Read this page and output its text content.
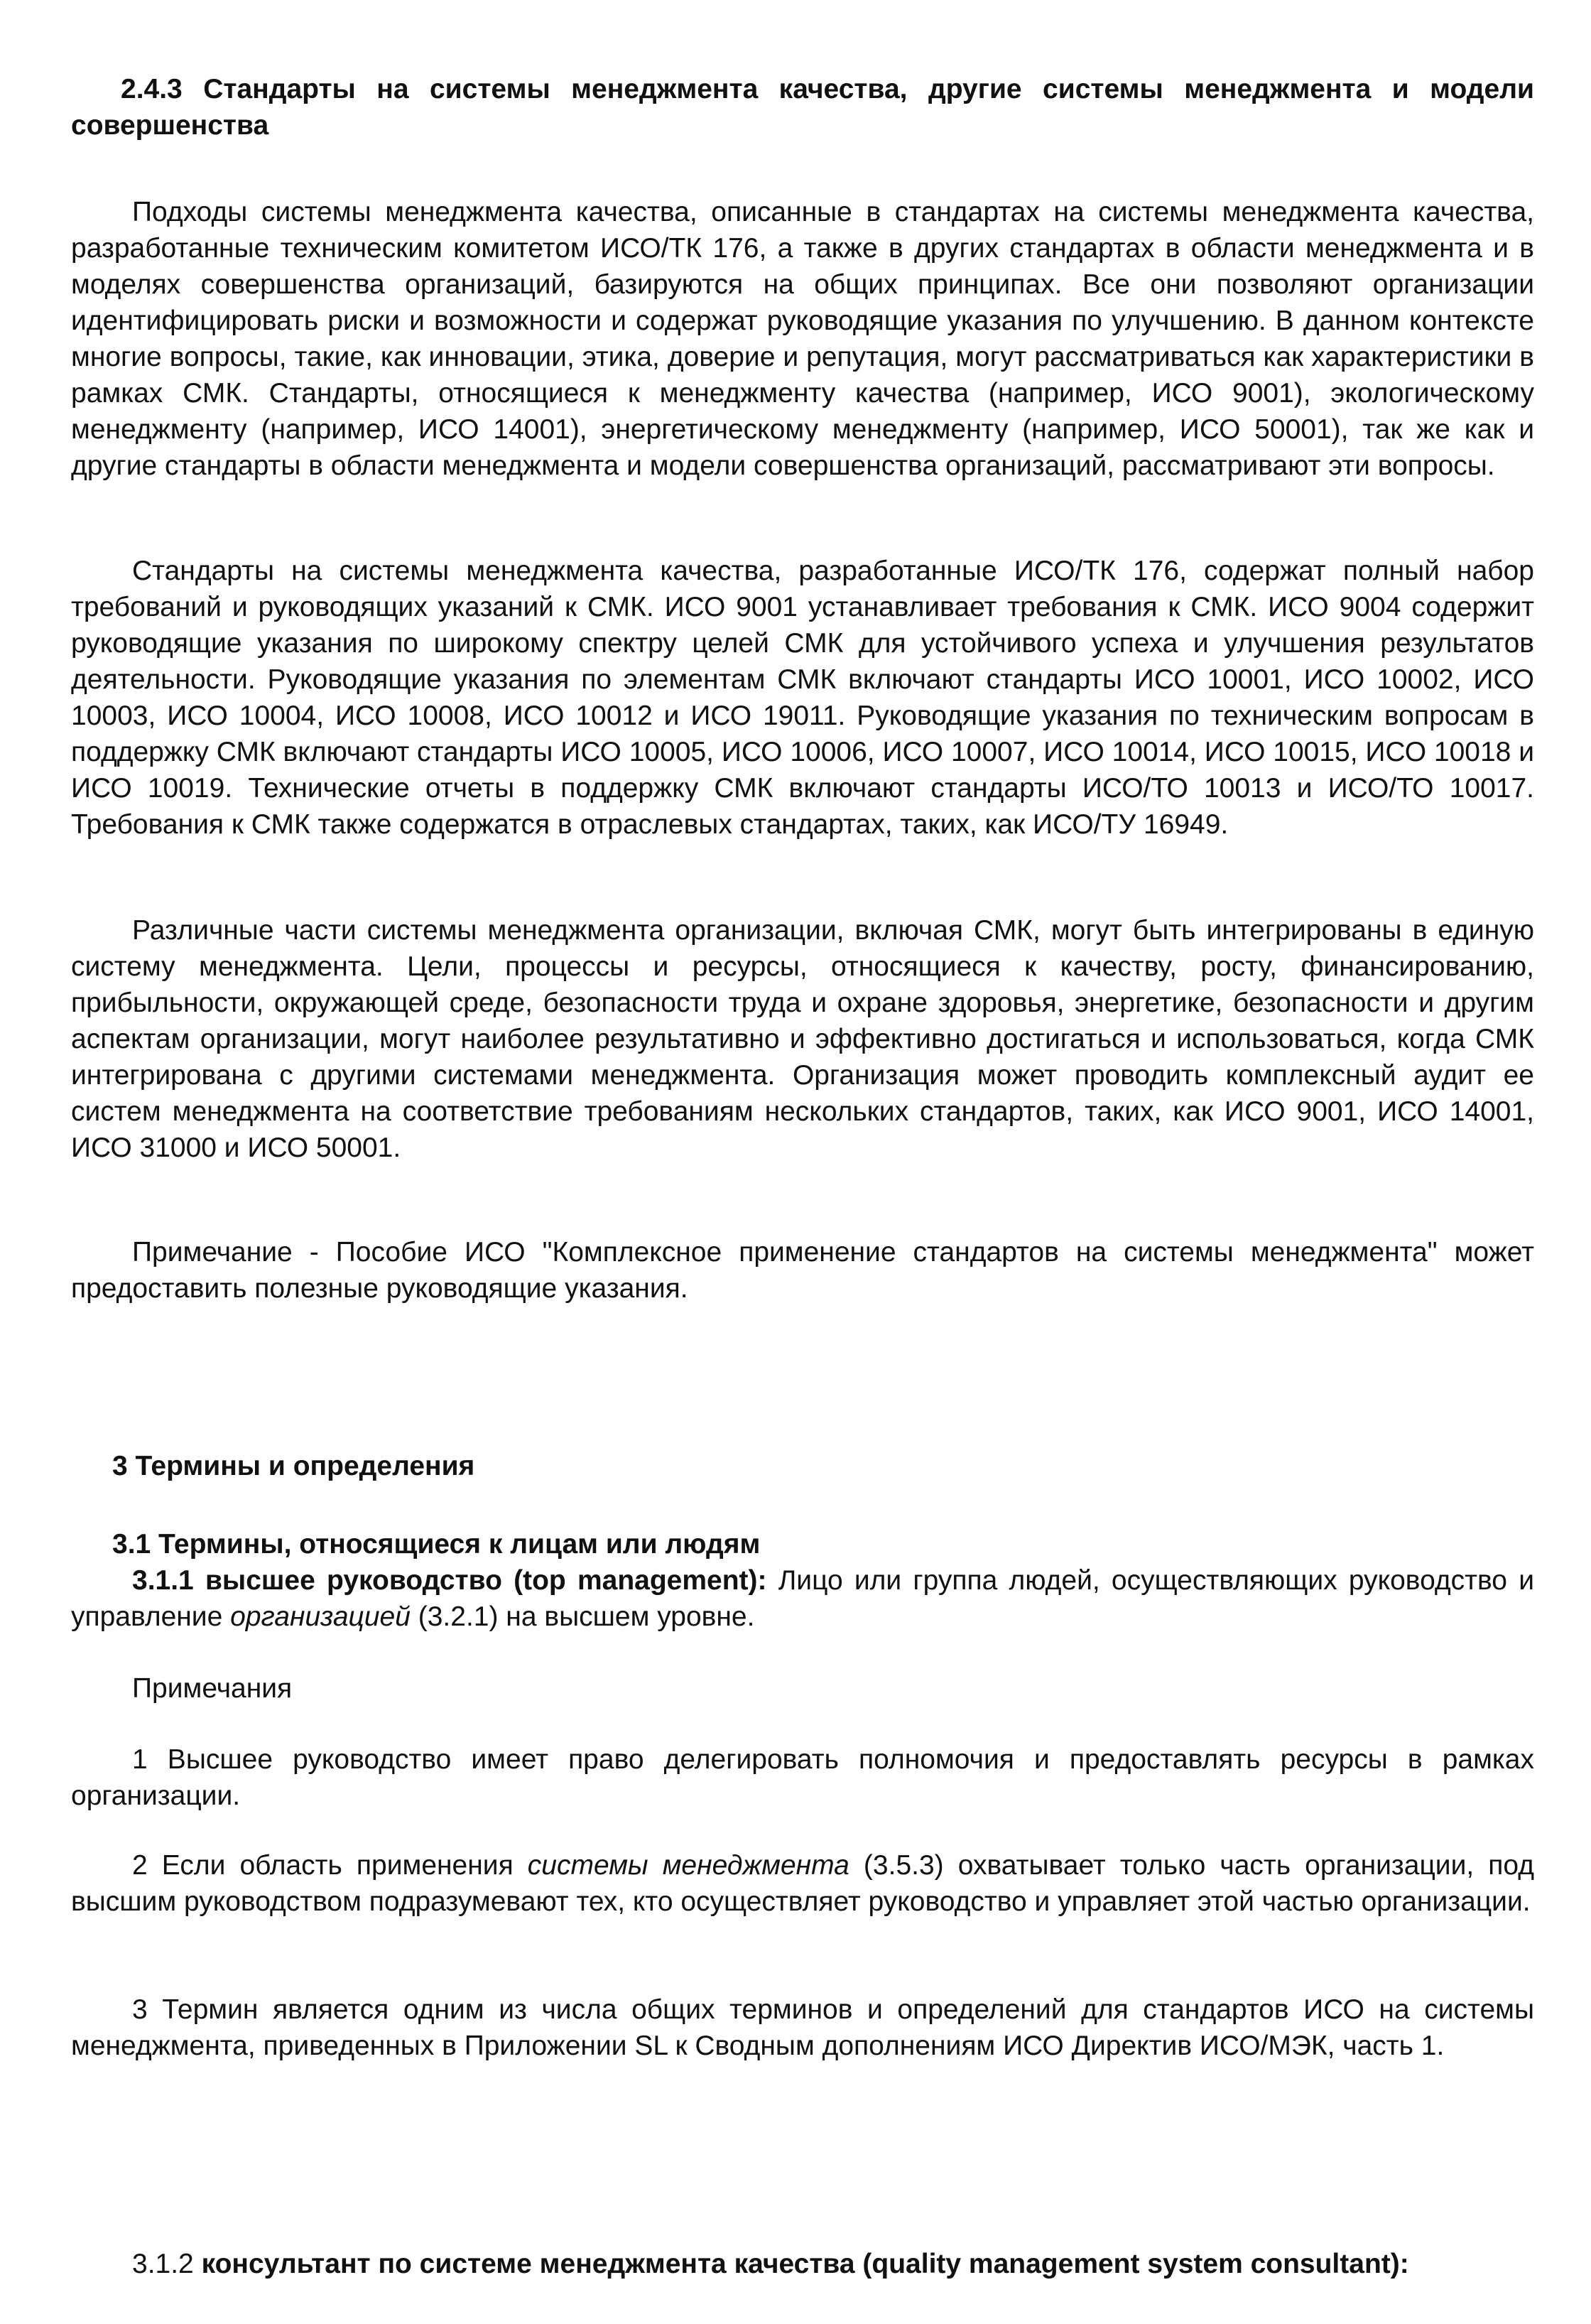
2.4.3 Стандарты на системы менеджмента качества, другие системы менеджмента и модели совершенства

Подходы системы менеджмента качества, описанные в стандартах на системы менеджмента качества, разработанные техническим комитетом ИСО/ТК 176, а также в других стандартах в области менеджмента и в моделях совершенства организаций, базируются на общих принципах. Все они позволяют организации идентифицировать риски и возможности и содержат руководящие указания по улучшению. В данном контексте многие вопросы, такие, как инновации, этика, доверие и репутация, могут рассматриваться как характеристики в рамках СМК. Стандарты, относящиеся к менеджменту качества (например, ИСО 9001), экологическому менеджменту (например, ИСО 14001), энергетическому менеджменту (например, ИСО 50001), так же как и другие стандарты в области менеджмента и модели совершенства организаций, рассматривают эти вопросы.

Стандарты на системы менеджмента качества, разработанные ИСО/ТК 176, содержат полный набор требований и руководящих указаний к СМК. ИСО 9001 устанавливает требования к СМК. ИСО 9004 содержит руководящие указания по широкому спектру целей СМК для устойчивого успеха и улучшения результатов деятельности. Руководящие указания по элементам СМК включают стандарты ИСО 10001, ИСО 10002, ИСО 10003, ИСО 10004, ИСО 10008, ИСО 10012 и ИСО 19011. Руководящие указания по техническим вопросам в поддержку СМК включают стандарты ИСО 10005, ИСО 10006, ИСО 10007, ИСО 10014, ИСО 10015, ИСО 10018 и ИСО 10019. Технические отчеты в поддержку СМК включают стандарты ИСО/ТО 10013 и ИСО/ТО 10017. Требования к СМК также содержатся в отраслевых стандартах, таких, как ИСО/ТУ 16949.

Различные части системы менеджмента организации, включая СМК, могут быть интегрированы в единую систему менеджмента. Цели, процессы и ресурсы, относящиеся к качеству, росту, финансированию, прибыльности, окружающей среде, безопасности труда и охране здоровья, энергетике, безопасности и другим аспектам организации, могут наиболее результативно и эффективно достигаться и использоваться, когда СМК интегрирована с другими системами менеджмента. Организация может проводить комплексный аудит ее систем менеджмента на соответствие требованиям нескольких стандартов, таких, как ИСО 9001, ИСО 14001, ИСО 31000 и ИСО 50001.

Примечание - Пособие ИСО "Комплексное применение стандартов на системы менеджмента" может предоставить полезные руководящие указания.

3 Термины и определения
3.1 Термины, относящиеся к лицам или людям

3.1.1 высшее руководство (top management): Лицо или группа людей, осуществляющих руководство и управление организацией (3.2.1) на высшем уровне.

Примечания

1 Высшее руководство имеет право делегировать полномочия и предоставлять ресурсы в рамках организации.

2 Если область применения системы менеджмента (3.5.3) охватывает только часть организации, под высшим руководством подразумевают тех, кто осуществляет руководство и управляет этой частью организации.

3 Термин является одним из числа общих терминов и определений для стандартов ИСО на системы менеджмента, приведенных в Приложении SL к Сводным дополнениям ИСО Директив ИСО/МЭК, часть 1.

3.1.2 консультант по системе менеджмента качества (quality management system consultant):
